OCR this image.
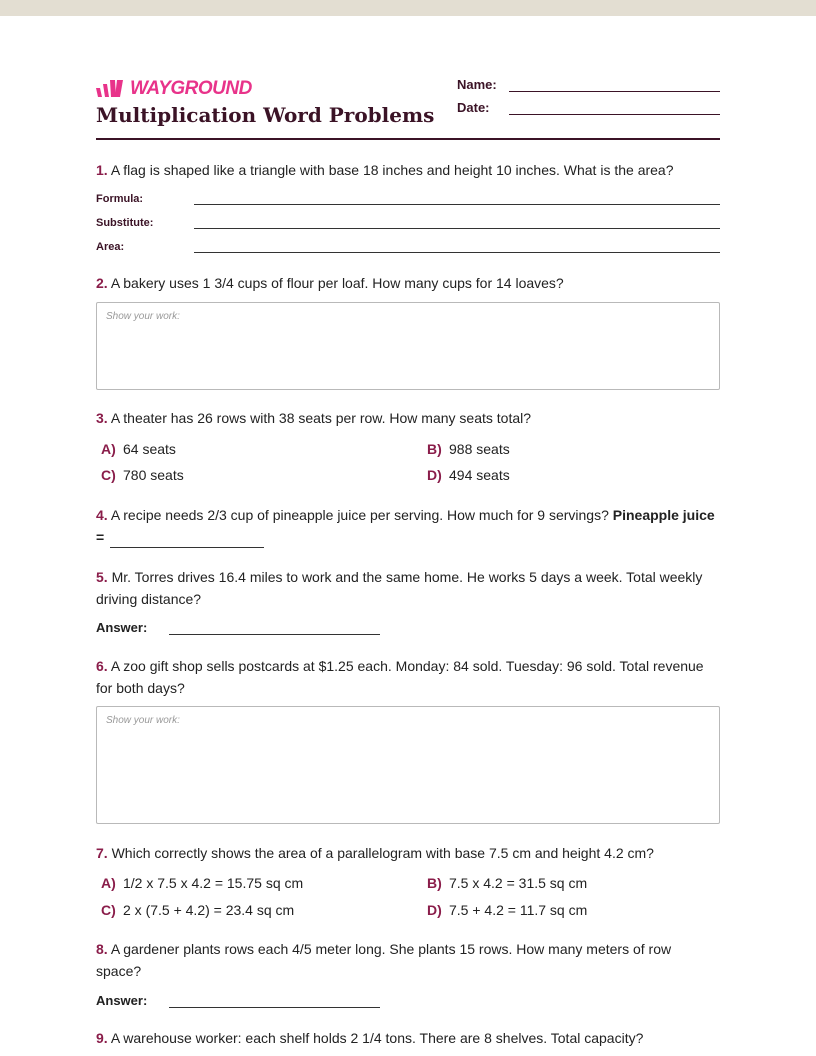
WAYGROUND
Multiplication Word Problems
Name:
Date:
1. A flag is shaped like a triangle with base 18 inches and height 10 inches. What is the area?
Formula:
Substitute:
Area:
2. A bakery uses 1 3/4 cups of flour per loaf. How many cups for 14 loaves?
Show your work:
3. A theater has 26 rows with 38 seats per row. How many seats total?
A) 64 seats	B) 988 seats
C) 780 seats	D) 494 seats
4. A recipe needs 2/3 cup of pineapple juice per serving. How much for 9 servings? Pineapple juice =
5. Mr. Torres drives 16.4 miles to work and the same home. He works 5 days a week. Total weekly driving distance?
Answer:
6. A zoo gift shop sells postcards at $1.25 each. Monday: 84 sold. Tuesday: 96 sold. Total revenue for both days?
Show your work:
7. Which correctly shows the area of a parallelogram with base 7.5 cm and height 4.2 cm?
A) 1/2 x 7.5 x 4.2 = 15.75 sq cm	B) 7.5 x 4.2 = 31.5 sq cm
C) 2 x (7.5 + 4.2) = 23.4 sq cm	D) 7.5 + 4.2 = 11.7 sq cm
8. A gardener plants rows each 4/5 meter long. She plants 15 rows. How many meters of row space?
Answer:
9. A warehouse worker: each shelf holds 2 1/4 tons. There are 8 shelves. Total capacity?
